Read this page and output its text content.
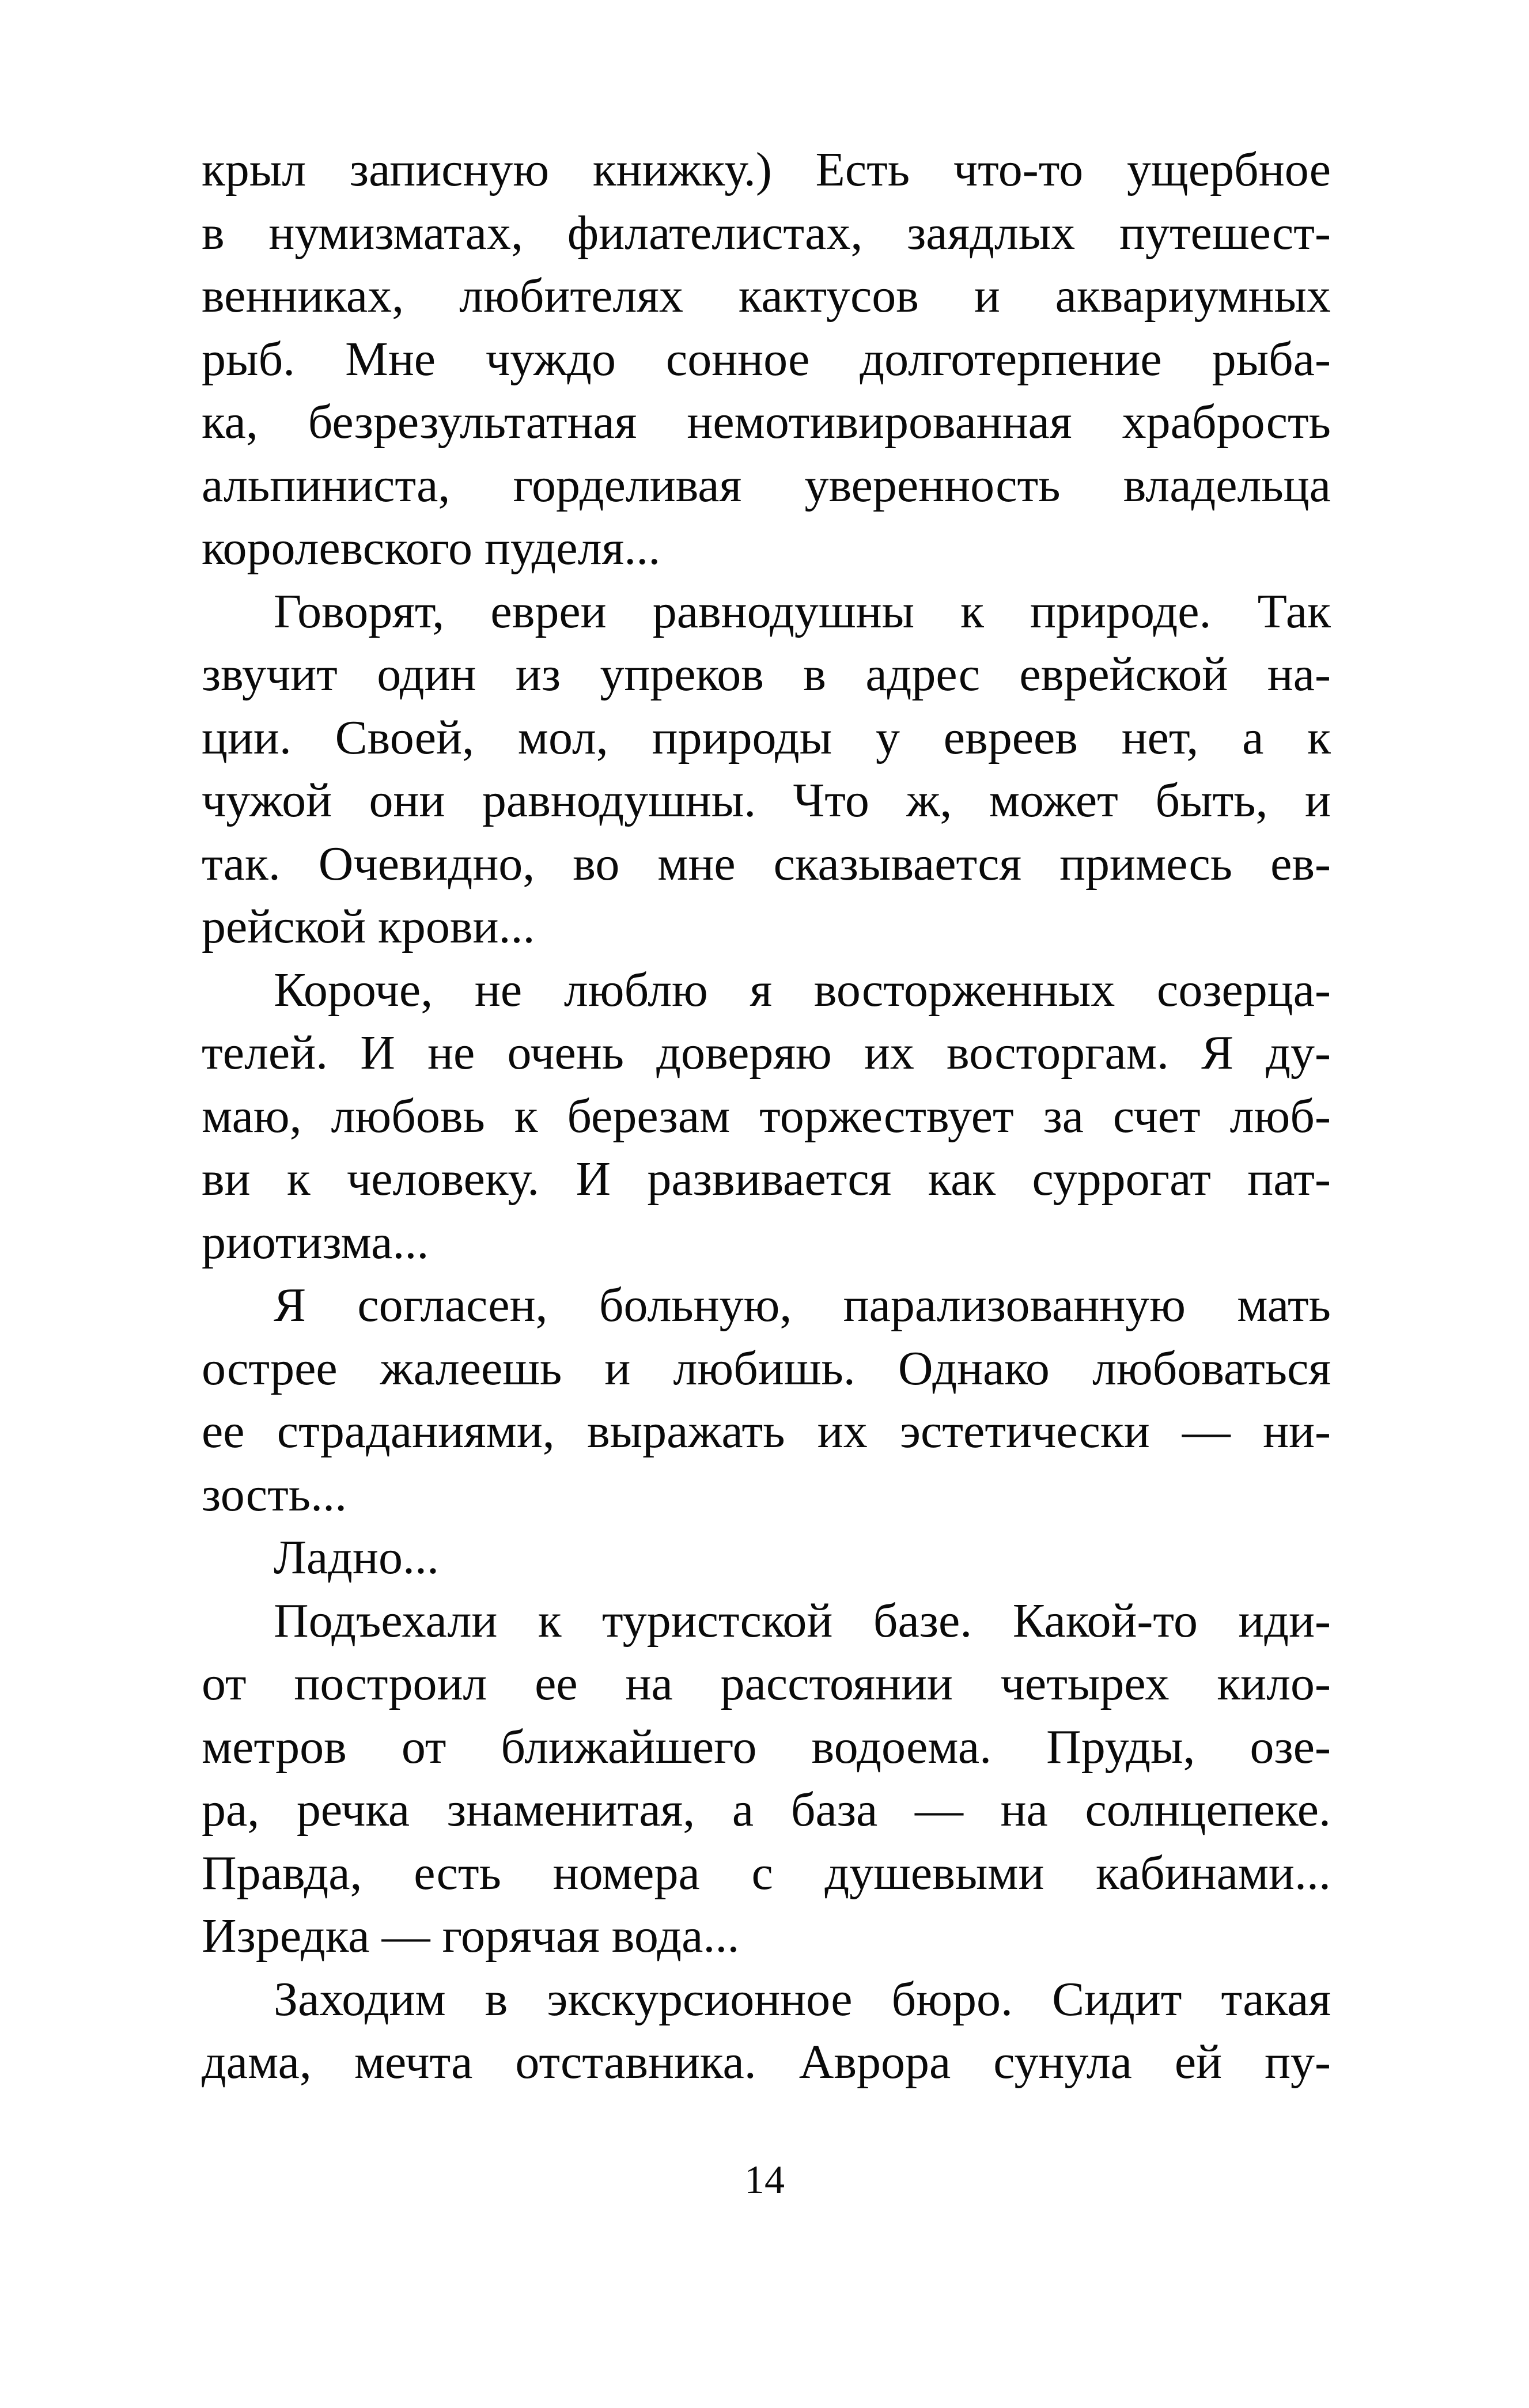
крыл записную книжку.) Есть что-то ущербное
в нумизматах, филателистах, заядлых путешест-
венниках, любителях кактусов и аквариумных
рыб. Мне чуждо сонное долготерпение рыба-
ка, безрезультатная немотивированная храбрость
альпиниста, горделивая уверенность владельца
королевского пуделя...
Говорят, евреи равнодушны к природе. Так
звучит один из упреков в адрес еврейской на-
ции. Своей, мол, природы у евреев нет, а к
чужой они равнодушны. Что ж, может быть, и
так. Очевидно, во мне сказывается примесь ев-
рейской крови...
Короче, не люблю я восторженных созерца-
телей. И не очень доверяю их восторгам. Я ду-
маю, любовь к березам торжествует за счет люб-
ви к человеку. И развивается как суррогат пат-
риотизма...
Я согласен, больную, парализованную мать
острее жалеешь и любишь. Однако любоваться
ее страданиями, выражать их эстетически — ни-
зость...
Ладно...
Подъехали к туристской базе. Какой-то иди-
от построил ее на расстоянии четырех кило-
метров от ближайшего водоема. Пруды, озе-
ра, речка знаменитая, а база — на солнцепеке.
Правда, есть номера с душевыми кабинами...
Изредка — горячая вода...
Заходим в экскурсионное бюро. Сидит такая
дама, мечта отставника. Аврора сунула ей пу-
14
